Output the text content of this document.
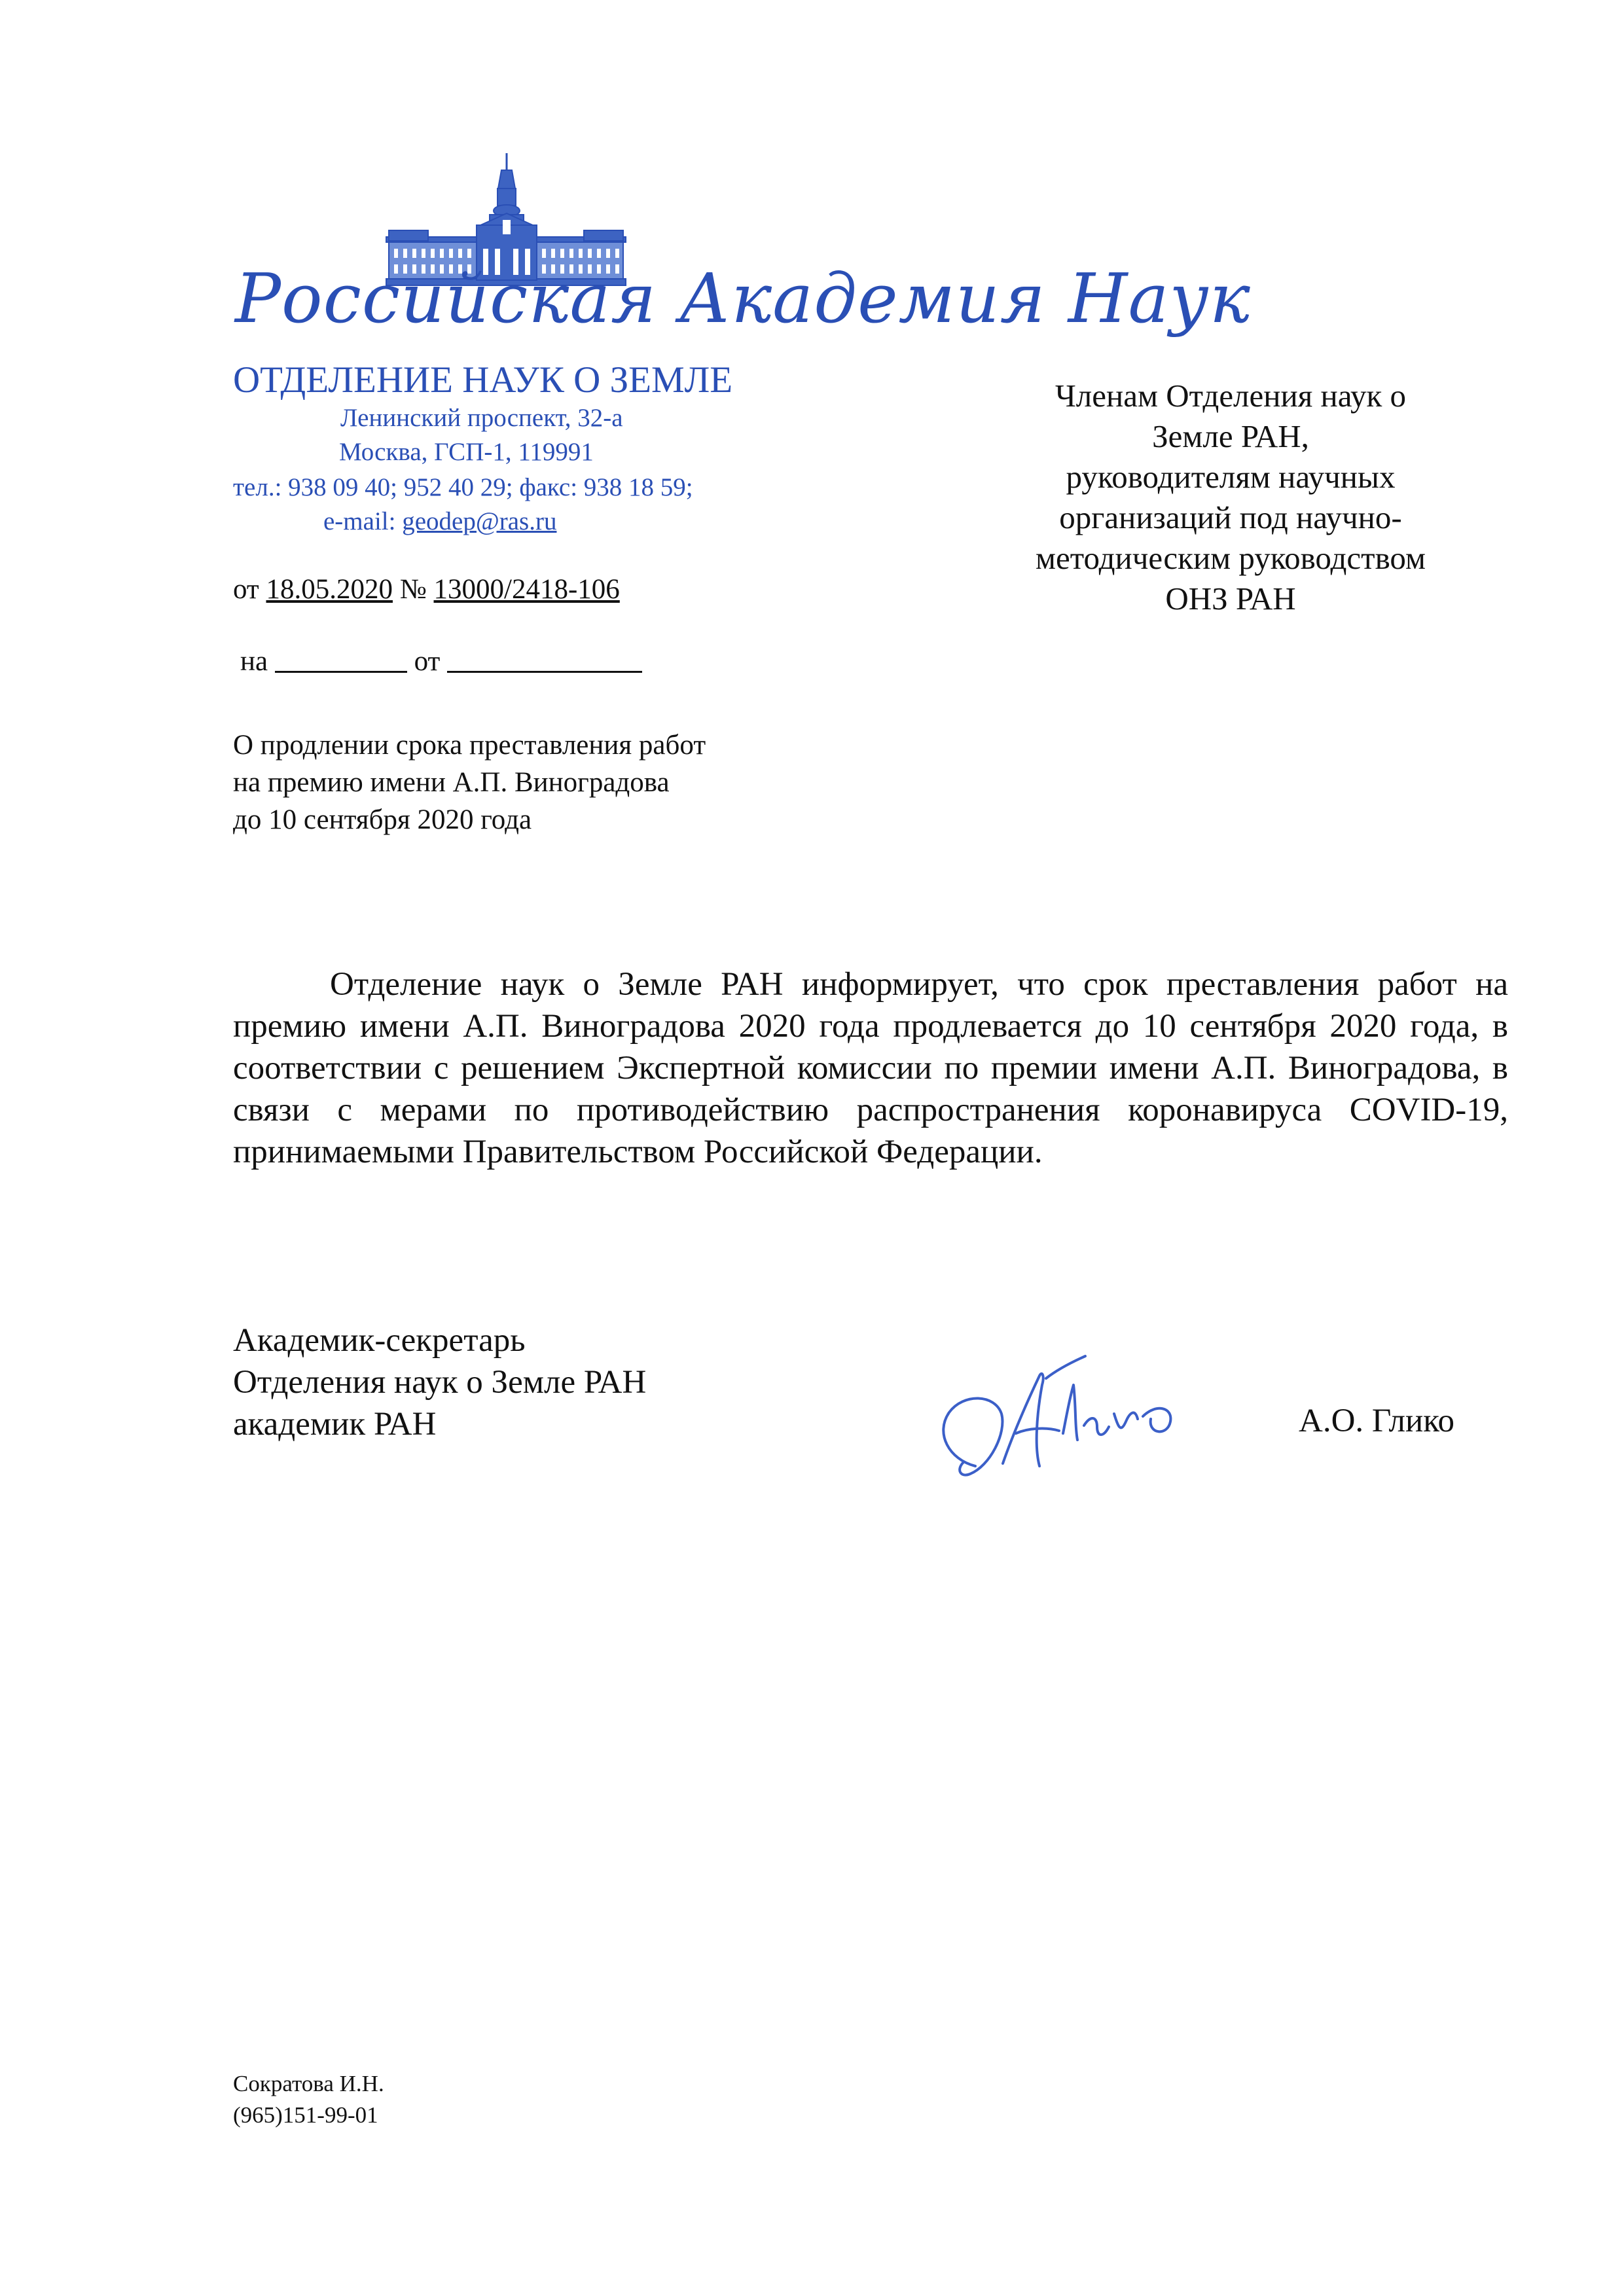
Российская Академия Наук
ОТДЕЛЕНИЕ НАУК О ЗЕМЛЕ
Ленинский проспект, 32-а
Москва, ГСП-1, 119991
тел.: 938 09 40; 952 40 29; факс: 938 18 59;
e-mail: geodep@ras.ru
от 18.05.2020 № 13000/2418-106
на	от
О продлении срока преставления работ
на премию имени А.П. Виноградова
до 10 сентября 2020 года
Членам Отделения наук о
Земле РАН,
руководителям научных
организаций под научно-
методическим руководством
ОНЗ РАН
Отделение наук о Земле РАН информирует, что срок преставления работ на премию имени А.П. Виноградова 2020 года продлевается до 10 сентября 2020 года, в соответствии с решением Экспертной комиссии по премии имени А.П. Виноградова, в связи с мерами по противодействию распространения коронавируса COVID-19, принимаемыми Правительством Российской Федерации.
Академик-секретарь
Отделения наук о Земле РАН
академик РАН	А.О. Глико
Сократова И.Н.
(965)151-99-01
